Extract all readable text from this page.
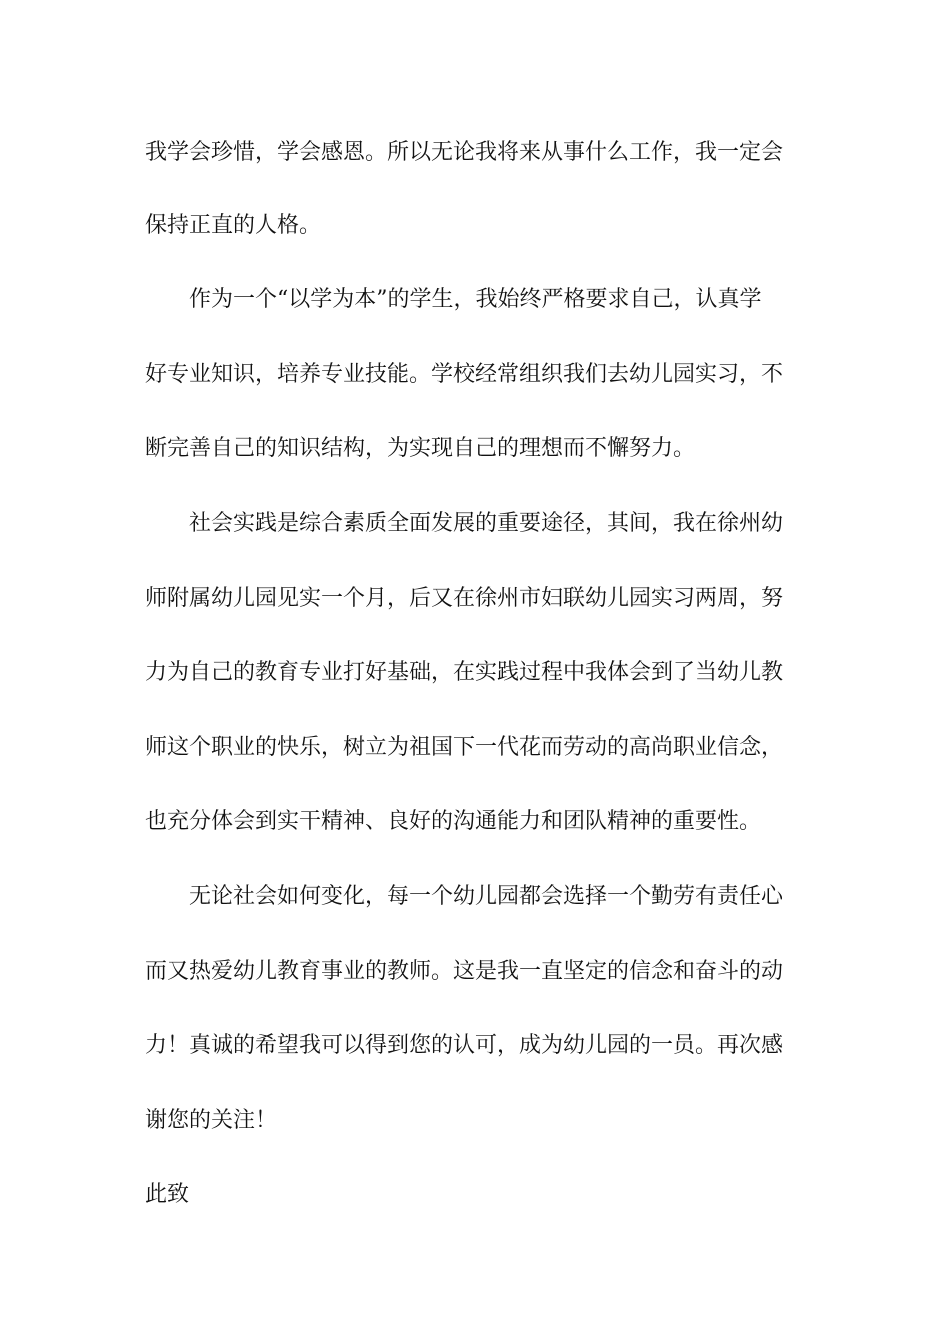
我学会珍惜，学会感恩。所以无论我将来从事什么工作，我一定会
保持正直的人格。
作为一个“以学为本”的学生，我始终严格要求自己，认真学
好专业知识，培养专业技能。学校经常组织我们去幼儿园实习，不
断完善自己的知识结构，为实现自己的理想而不懈努力。
社会实践是综合素质全面发展的重要途径，其间，我在徐州幼
师附属幼儿园见实一个月，后又在徐州市妇联幼儿园实习两周，努
力为自己的教育专业打好基础，在实践过程中我体会到了当幼儿教
师这个职业的快乐，树立为祖国下一代花而劳动的高尚职业信念，
也充分体会到实干精神、良好的沟通能力和团队精神的重要性。
无论社会如何变化，每一个幼儿园都会选择一个勤劳有责任心
而又热爱幼儿教育事业的教师。这是我一直坚定的信念和奋斗的动
力！真诚的希望我可以得到您的认可，成为幼儿园的一员。再次感
谢您的关注！
此致
